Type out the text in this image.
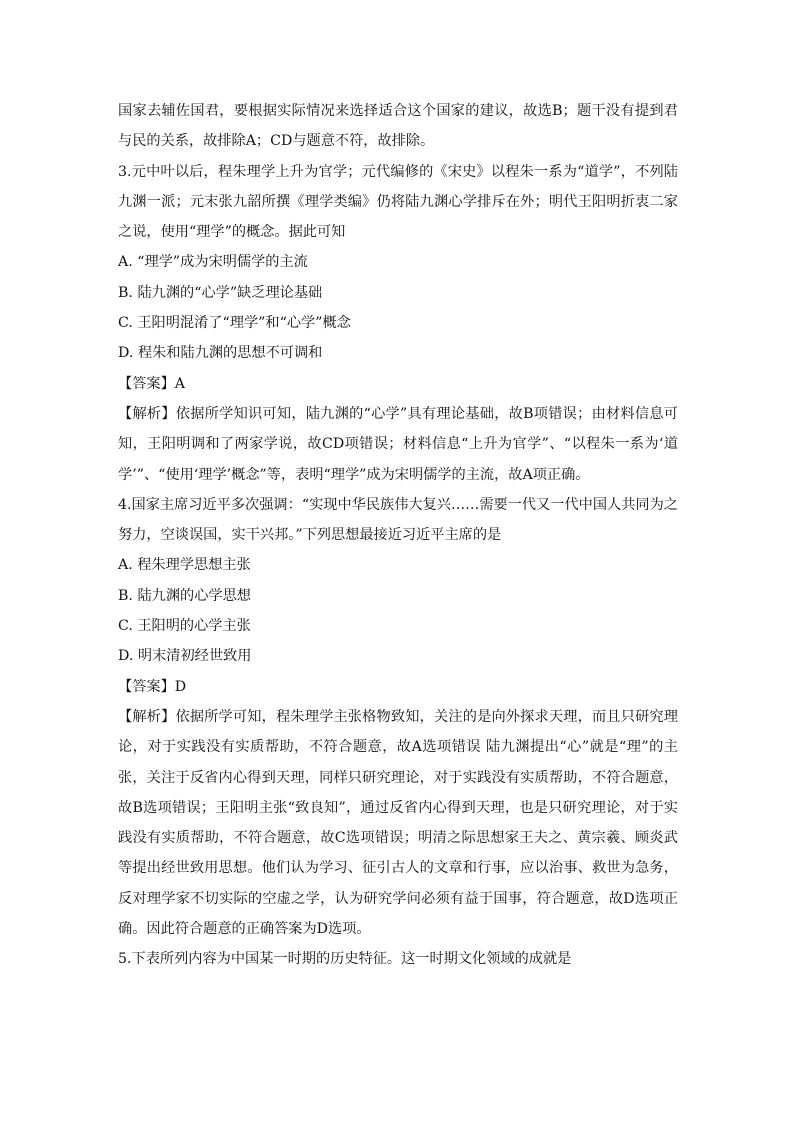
国家去辅佐国君，要根据实际情况来选择适合这个国家的建议，故选B；题干没有提到君与民的关系，故排除A；CD与题意不符，故排除。

3.元中叶以后，程朱理学上升为官学；元代编修的《宋史》以程朱一系为“道学”，不列陆九渊一派；元末张九韶所撰《理学类编》仍将陆九渊心学排斥在外；明代王阳明折衷二家之说，使用“理学”的概念。据此可知

A. “理学”成为宋明儒学的主流

B. 陆九渊的“心学”缺乏理论基础

C. 王阳明混淆了“理学”和“心学”概念

D. 程朱和陆九渊的思想不可调和

【答案】A

【解析】依据所学知识可知，陆九渊的“心学”具有理论基础，故B项错误；由材料信息可知，王阳明调和了两家学说，故CD项错误；材料信息“上升为官学”、“以程朱一系为‘道学’”、“使用‘理学’概念”等，表明“理学”成为宋明儒学的主流，故A项正确。

4.国家主席习近平多次强调：“实现中华民族伟大复兴……需要一代又一代中国人共同为之努力，空谈误国，实干兴邦。”下列思想最接近习近平主席的是

A. 程朱理学思想主张

B. 陆九渊的心学思想

C. 王阳明的心学主张

D. 明末清初经世致用

【答案】D

【解析】依据所学可知，程朱理学主张格物致知，关注的是向外探求天理，而且只研究理论，对于实践没有实质帮助，不符合题意，故A选项错误 陆九渊提出“心”就是“理”的主张，关注于反省内心得到天理，同样只研究理论，对于实践没有实质帮助，不符合题意，故B选项错误；王阳明主张“致良知”，通过反省内心得到天理，也是只研究理论，对于实践没有实质帮助，不符合题意，故C选项错误；明清之际思想家王夫之、黄宗羲、顾炎武等提出经世致用思想。他们认为学习、征引古人的文章和行事，应以治事、救世为急务，反对理学家不切实际的空虚之学，认为研究学问必须有益于国事，符合题意，故D选项正确。因此符合题意的正确答案为D选项。

5.下表所列内容为中国某一时期的历史特征。这一时期文化领域的成就是
